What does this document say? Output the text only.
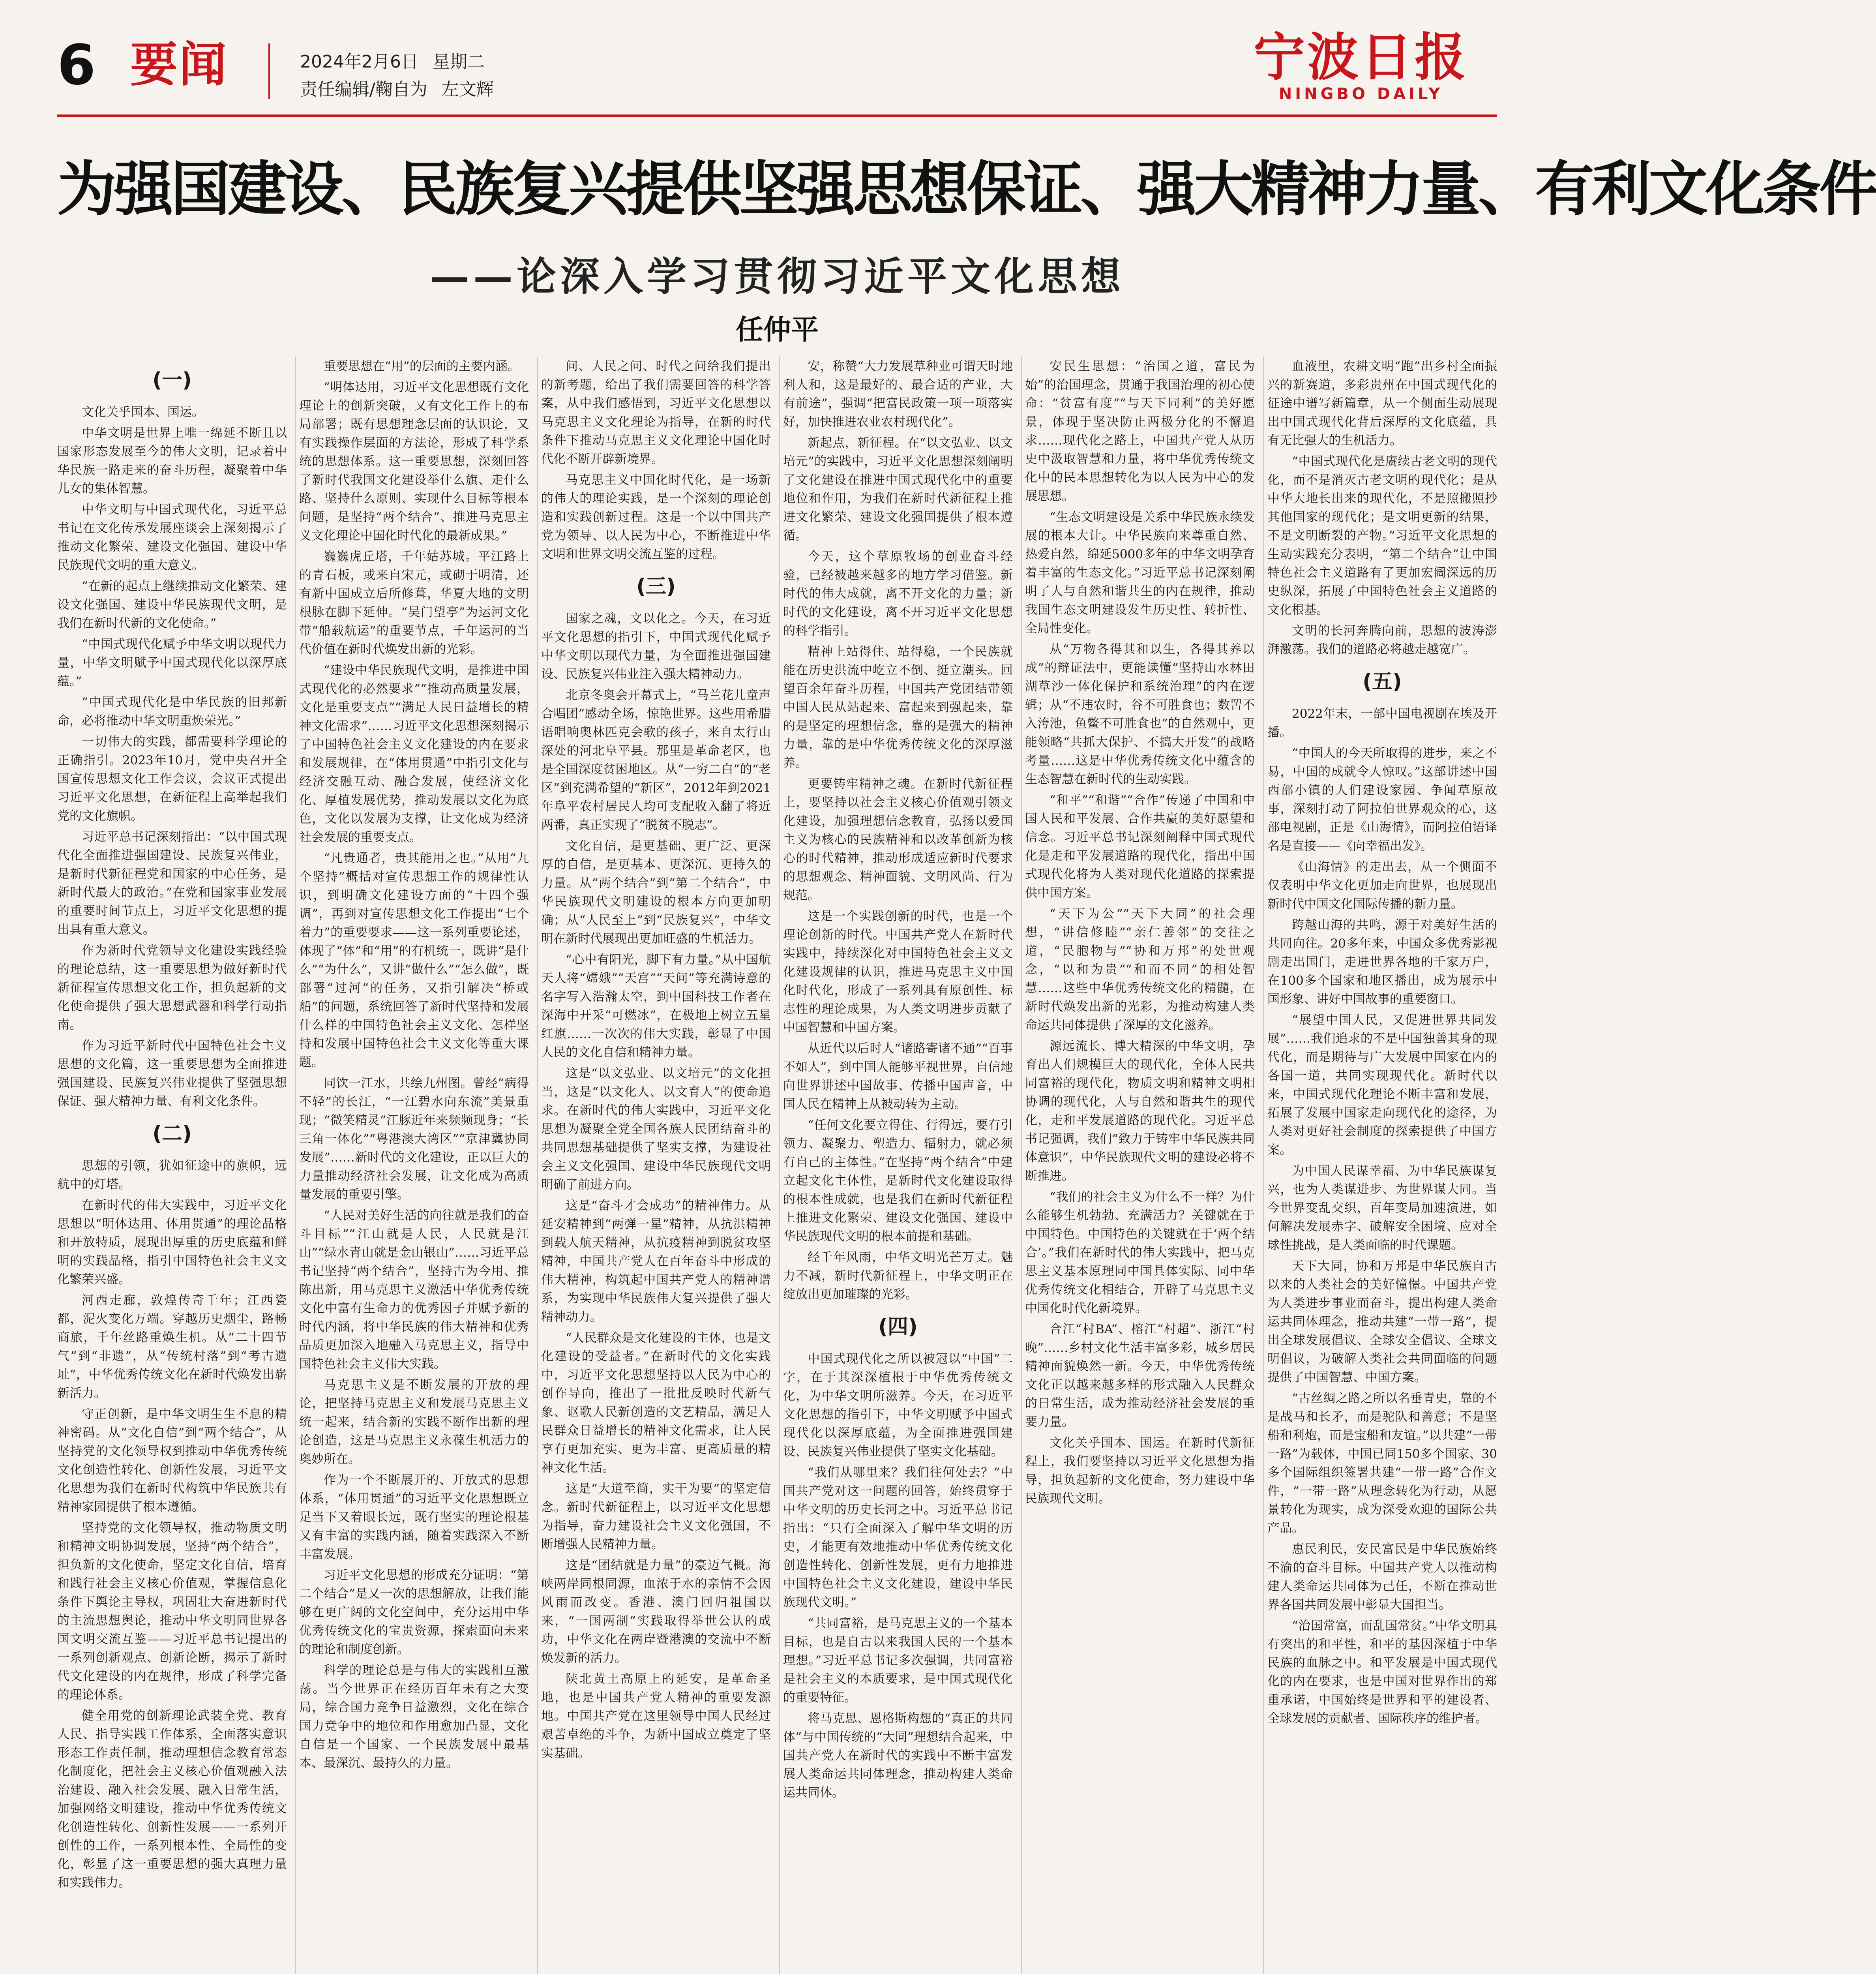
6 要闻	2024年2月6日 星期二
责任编辑/鞠自为 左文辉
宁波日报
NINGBO DAILY
为强国建设、民族复兴提供坚强思想保证、强大精神力量、有利文化条件
——论深入学习贯彻习近平文化思想
任仲平
(一)

文化关乎国本、国运。

中华文明是世界上唯一绵延不断且以国家形态发展至今的伟大文明，记录着中华民族一路走来的奋斗历程，凝聚着中华儿女的集体智慧。

中华文明与中国式现代化，习近平总书记在文化传承发展座谈会上深刻揭示了推动文化繁荣、建设文化强国、建设中华民族现代文明的重大意义。

“在新的起点上继续推动文化繁荣、建设文化强国、建设中华民族现代文明，是我们在新时代新的文化使命。”

“中国式现代化赋予中华文明以现代力量，中华文明赋予中国式现代化以深厚底蕴。”

“中国式现代化是中华民族的旧邦新命，必将推动中华文明重焕荣光。”

一切伟大的实践，都需要科学理论的正确指引。2023年10月，党中央召开全国宣传思想文化工作会议，会议正式提出习近平文化思想，在新征程上高举起我们党的文化旗帜。

习近平总书记深刻指出：“以中国式现代化全面推进强国建设、民族复兴伟业，是新时代新征程党和国家的中心任务，是新时代最大的政治。”在党和国家事业发展的重要时间节点上，习近平文化思想的提出具有重大意义。

作为新时代党领导文化建设实践经验的理论总结，这一重要思想为做好新时代新征程宣传思想文化工作，担负起新的文化使命提供了强大思想武器和科学行动指南。

作为习近平新时代中国特色社会主义思想的文化篇，这一重要思想为全面推进强国建设、民族复兴伟业提供了坚强思想保证、强大精神力量、有利文化条件。

(二)

思想的引领，犹如征途中的旗帜，远航中的灯塔。

在新时代的伟大实践中，习近平文化思想以“明体达用、体用贯通”的理论品格和开放特质，展现出厚重的历史底蕴和鲜明的实践品格，指引中国特色社会主义文化繁荣兴盛。

河西走廊，敦煌传奇千年；江西瓷都，泥火变化万端。穿越历史烟尘，路畅商旅，千年丝路重焕生机。从“二十四节气”到“非遗”，从“传统村落”到“考古遗址”，中华优秀传统文化在新时代焕发出崭新活力。

守正创新，是中华文明生生不息的精神密码。从“文化自信”到“两个结合”，从坚持党的文化领导权到推动中华优秀传统文化创造性转化、创新性发展，习近平文化思想为我们在新时代构筑中华民族共有精神家园提供了根本遵循。

坚持党的文化领导权，推动物质文明和精神文明协调发展，坚持“两个结合”，担负新的文化使命，坚定文化自信，培育和践行社会主义核心价值观，掌握信息化条件下舆论主导权，巩固壮大奋进新时代的主流思想舆论，推动中华文明同世界各国文明交流互鉴——习近平总书记提出的一系列创新观点、创新论断，揭示了新时代文化建设的内在规律，形成了科学完备的理论体系。

健全用党的创新理论武装全党、教育人民、指导实践工作体系，全面落实意识形态工作责任制，推动理想信念教育常态化制度化，把社会主义核心价值观融入法治建设、融入社会发展、融入日常生活，加强网络文明建设，推动中华优秀传统文化创造性转化、创新性发展——一系列开创性的工作，一系列根本性、全局性的变化，彰显了这一重要思想的强大真理力量和实践伟力。

重要思想在“用”的层面的主要内涵。

“明体达用，习近平文化思想既有文化理论上的创新突破，又有文化工作上的布局部署；既有思想理念层面的认识论，又有实践操作层面的方法论，形成了科学系统的思想体系。这一重要思想，深刻回答了新时代我国文化建设举什么旗、走什么路、坚持什么原则、实现什么目标等根本问题，是坚持“两个结合”、推进马克思主义文化理论中国化时代化的最新成果。”

巍巍虎丘塔，千年姑苏城。平江路上的青石板，或来自宋元，或砌于明清，还有新中国成立后所修葺，华夏大地的文明根脉在脚下延伸。“吴门望亭”为运河文化带“船载航运”的重要节点，千年运河的当代价值在新时代焕发出新的光彩。

“建设中华民族现代文明，是推进中国式现代化的必然要求”“推动高质量发展，文化是重要支点”“满足人民日益增长的精神文化需求”……习近平文化思想深刻揭示了中国特色社会主义文化建设的内在要求和发展规律，在“体用贯通”中指引文化与经济交融互动、融合发展，使经济文化化、厚植发展优势，推动发展以文化为底色，文化以发展为支撑，让文化成为经济社会发展的重要支点。

“凡贵通者，贵其能用之也。”从用“九个坚持”概括对宣传思想工作的规律性认识，到明确文化建设方面的“十四个强调”，再到对宣传思想文化工作提出“七个着力”的重要要求——这一系列重要论述，体现了“体”和“用”的有机统一，既讲“是什么”“为什么”，又讲“做什么”“怎么做”，既部署“过河”的任务，又指引解决“桥或船”的问题，系统回答了新时代坚持和发展什么样的中国特色社会主义文化、怎样坚持和发展中国特色社会主义文化等重大课题。

同饮一江水，共绘九州图。曾经“病得不轻”的长江，“一江碧水向东流”美景重现；“微笑精灵”江豚近年来频频现身；“长三角一体化”“粤港澳大湾区”“京津冀协同发展”……新时代的文化建设，正以巨大的力量推动经济社会发展，让文化成为高质量发展的重要引擎。

“人民对美好生活的向往就是我们的奋斗目标”“江山就是人民，人民就是江山”“绿水青山就是金山银山”……习近平总书记坚持“两个结合”，坚持古为今用、推陈出新，用马克思主义激活中华优秀传统文化中富有生命力的优秀因子并赋予新的时代内涵，将中华民族的伟大精神和优秀品质更加深入地融入马克思主义，指导中国特色社会主义伟大实践。

马克思主义是不断发展的开放的理论，把坚持马克思主义和发展马克思主义统一起来，结合新的实践不断作出新的理论创造，这是马克思主义永葆生机活力的奥妙所在。

作为一个不断展开的、开放式的思想体系，“体用贯通”的习近平文化思想既立足当下又着眼长远，既有坚实的理论根基又有丰富的实践内涵，随着实践深入不断丰富发展。

习近平文化思想的形成充分证明：“第二个结合”是又一次的思想解放，让我们能够在更广阔的文化空间中，充分运用中华优秀传统文化的宝贵资源，探索面向未来的理论和制度创新。

科学的理论总是与伟大的实践相互激荡。当今世界正在经历百年未有之大变局，综合国力竞争日益激烈，文化在综合国力竞争中的地位和作用愈加凸显，文化自信是一个国家、一个民族发展中最基本、最深沉、最持久的力量。

问、人民之问、时代之问给我们提出的新考题，给出了我们需要回答的科学答案，从中我们感悟到，习近平文化思想以马克思主义文化理论为指导，在新的时代条件下推动马克思主义文化理论中国化时代化不断开辟新境界。

马克思主义中国化时代化，是一场新的伟大的理论实践，是一个深刻的理论创造和实践创新过程。这是一个以中国共产党为领导、以人民为中心，不断推进中华文明和世界文明交流互鉴的过程。

(三)

国家之魂，文以化之。今天，在习近平文化思想的指引下，中国式现代化赋予中华文明以现代力量，为全面推进强国建设、民族复兴伟业注入强大精神动力。

北京冬奥会开幕式上，“马兰花儿童声合唱团”感动全场，惊艳世界。这些用希腊语唱响奥林匹克会歌的孩子，来自太行山深处的河北阜平县。那里是革命老区，也是全国深度贫困地区。从“一穷二白”的“老区”到充满希望的“新区”，2012年到2021年阜平农村居民人均可支配收入翻了将近两番，真正实现了“脱贫不脱志”。

文化自信，是更基础、更广泛、更深厚的自信，是更基本、更深沉、更持久的力量。从“两个结合”到“第二个结合”，中华民族现代文明建设的根本方向更加明确；从“人民至上”到“民族复兴”，中华文明在新时代展现出更加旺盛的生机活力。

“心中有阳光，脚下有力量。”从中国航天人将“嫦娥”“天宫”“天问”等充满诗意的名字写入浩瀚太空，到中国科技工作者在深海中开采“可燃冰”，在极地上树立五星红旗……一次次的伟大实践，彰显了中国人民的文化自信和精神力量。

这是“以文弘业、以文培元”的文化担当，这是“以文化人、以文育人”的使命追求。在新时代的伟大实践中，习近平文化思想为凝聚全党全国各族人民团结奋斗的共同思想基础提供了坚实支撑，为建设社会主义文化强国、建设中华民族现代文明明确了前进方向。

这是“奋斗才会成功”的精神伟力。从延安精神到“两弹一星”精神，从抗洪精神到载人航天精神，从抗疫精神到脱贫攻坚精神，中国共产党人在百年奋斗中形成的伟大精神，构筑起中国共产党人的精神谱系，为实现中华民族伟大复兴提供了强大精神动力。

“人民群众是文化建设的主体，也是文化建设的受益者。”在新时代的文化实践中，习近平文化思想坚持以人民为中心的创作导向，推出了一批批反映时代新气象、讴歌人民新创造的文艺精品，满足人民群众日益增长的精神文化需求，让人民享有更加充实、更为丰富、更高质量的精神文化生活。

这是“大道至简，实干为要”的坚定信念。新时代新征程上，以习近平文化思想为指导，奋力建设社会主义文化强国，不断增强人民精神力量。

这是“团结就是力量”的豪迈气概。海峡两岸同根同源，血浓于水的亲情不会因风雨而改变。香港、澳门回归祖国以来，“一国两制”实践取得举世公认的成功，中华文化在两岸暨港澳的交流中不断焕发新的活力。

陕北黄土高原上的延安，是革命圣地，也是中国共产党人精神的重要发源地。中国共产党在这里领导中国人民经过艰苦卓绝的斗争，为新中国成立奠定了坚实基础。

安，称赞“大力发展草种业可谓天时地利人和，这是最好的、最合适的产业，大有前途”，强调“把富民政策一项一项落实好，加快推进农业农村现代化”。

新起点，新征程。在“以文弘业、以文培元”的实践中，习近平文化思想深刻阐明了文化建设在推进中国式现代化中的重要地位和作用，为我们在新时代新征程上推进文化繁荣、建设文化强国提供了根本遵循。

今天，这个草原牧场的创业奋斗经验，已经被越来越多的地方学习借鉴。新时代的伟大成就，离不开文化的力量；新时代的文化建设，离不开习近平文化思想的科学指引。

精神上站得住、站得稳，一个民族就能在历史洪流中屹立不倒、挺立潮头。回望百余年奋斗历程，中国共产党团结带领中国人民从站起来、富起来到强起来，靠的是坚定的理想信念，靠的是强大的精神力量，靠的是中华优秀传统文化的深厚滋养。

更要铸牢精神之魂。在新时代新征程上，要坚持以社会主义核心价值观引领文化建设，加强理想信念教育，弘扬以爱国主义为核心的民族精神和以改革创新为核心的时代精神，推动形成适应新时代要求的思想观念、精神面貌、文明风尚、行为规范。

这是一个实践创新的时代，也是一个理论创新的时代。中国共产党人在新时代实践中，持续深化对中国特色社会主义文化建设规律的认识，推进马克思主义中国化时代化，形成了一系列具有原创性、标志性的理论成果，为人类文明进步贡献了中国智慧和中国方案。

从近代以后时人“诸路寄诸不通”“百事不如人”，到中国人能够平视世界，自信地向世界讲述中国故事、传播中国声音，中国人民在精神上从被动转为主动。

“任何文化要立得住、行得远，要有引领力、凝聚力、塑造力、辐射力，就必须有自己的主体性。”在坚持“两个结合”中建立起文化主体性，是新时代文化建设取得的根本性成就，也是我们在新时代新征程上推进文化繁荣、建设文化强国、建设中华民族现代文明的根本前提和基础。

经千年风雨，中华文明光芒万丈。魅力不减，新时代新征程上，中华文明正在绽放出更加璀璨的光彩。

(四)

中国式现代化之所以被冠以“中国”二字，在于其深深植根于中华优秀传统文化，为中华文明所滋养。今天，在习近平文化思想的指引下，中华文明赋予中国式现代化以深厚底蕴，为全面推进强国建设、民族复兴伟业提供了坚实文化基础。

“我们从哪里来？我们往何处去？”中国共产党对这一问题的回答，始终贯穿于中华文明的历史长河之中。习近平总书记指出：“只有全面深入了解中华文明的历史，才能更有效地推动中华优秀传统文化创造性转化、创新性发展，更有力地推进中国特色社会主义文化建设，建设中华民族现代文明。”

“共同富裕，是马克思主义的一个基本目标，也是自古以来我国人民的一个基本理想。”习近平总书记多次强调，共同富裕是社会主义的本质要求，是中国式现代化的重要特征。

将马克思、恩格斯构想的“真正的共同体”与中国传统的“大同”理想结合起来，中国共产党人在新时代的实践中不断丰富发展人类命运共同体理念，推动构建人类命运共同体。

安民生思想：“治国之道，富民为始”的治国理念，贯通于我国治理的初心使命：“贫富有度”“与天下同利”的美好愿景，体现于坚决防止两极分化的不懈追求……现代化之路上，中国共产党人从历史中汲取智慧和力量，将中华优秀传统文化中的民本思想转化为以人民为中心的发展思想。

“生态文明建设是关系中华民族永续发展的根本大计。中华民族向来尊重自然、热爱自然，绵延5000多年的中华文明孕育着丰富的生态文化。”习近平总书记深刻阐明了人与自然和谐共生的内在规律，推动我国生态文明建设发生历史性、转折性、全局性变化。

从“万物各得其和以生，各得其养以成”的辩证法中，更能读懂“坚持山水林田湖草沙一体化保护和系统治理”的内在逻辑；从“不违农时，谷不可胜食也；数罟不入洿池，鱼鳖不可胜食也”的自然观中，更能领略“共抓大保护、不搞大开发”的战略考量……这是中华优秀传统文化中蕴含的生态智慧在新时代的生动实践。

“和平”“和谐”“合作”传递了中国和中国人民和平发展、合作共赢的美好愿望和信念。习近平总书记深刻阐释中国式现代化是走和平发展道路的现代化，指出中国式现代化将为人类对现代化道路的探索提供中国方案。

“天下为公”“天下大同”的社会理想，“讲信修睦”“亲仁善邻”的交往之道，“民胞物与”“协和万邦”的处世观念，“以和为贵”“和而不同”的相处智慧……这些中华优秀传统文化的精髓，在新时代焕发出新的光彩，为推动构建人类命运共同体提供了深厚的文化滋养。

源远流长、博大精深的中华文明，孕育出人们规模巨大的现代化，全体人民共同富裕的现代化，物质文明和精神文明相协调的现代化，人与自然和谐共生的现代化，走和平发展道路的现代化。习近平总书记强调，我们“致力于铸牢中华民族共同体意识”，中华民族现代文明的建设必将不断推进。

“我们的社会主义为什么不一样？为什么能够生机勃勃、充满活力？关键就在于中国特色。中国特色的关键就在于‘两个结合’。”我们在新时代的伟大实践中，把马克思主义基本原理同中国具体实际、同中华优秀传统文化相结合，开辟了马克思主义中国化时代化新境界。

合江“村BA”、榕江“村超”、浙江“村晚”……乡村文化生活丰富多彩，城乡居民精神面貌焕然一新。今天，中华优秀传统文化正以越来越多样的形式融入人民群众的日常生活，成为推动经济社会发展的重要力量。

文化关乎国本、国运。在新时代新征程上，我们要坚持以习近平文化思想为指导，担负起新的文化使命，努力建设中华民族现代文明。

血液里，农耕文明“跑”出乡村全面振兴的新赛道，多彩贵州在中国式现代化的征途中谱写新篇章，从一个侧面生动展现出中国式现代化背后深厚的文化底蕴，具有无比强大的生机活力。

“中国式现代化是赓续古老文明的现代化，而不是消灭古老文明的现代化；是从中华大地长出来的现代化，不是照搬照抄其他国家的现代化；是文明更新的结果，不是文明断裂的产物。”习近平文化思想的生动实践充分表明，“第二个结合”让中国特色社会主义道路有了更加宏阔深远的历史纵深，拓展了中国特色社会主义道路的文化根基。

文明的长河奔腾向前，思想的波涛澎湃激荡。我们的道路必将越走越宽广。

(五)

2022年末，一部中国电视剧在埃及开播。

“中国人的今天所取得的进步，来之不易，中国的成就令人惊叹。”这部讲述中国西部小镇的人们建设家园、争闻草原故事，深刻打动了阿拉伯世界观众的心，这部电视剧，正是《山海情》，而阿拉伯语译名是直接——《向幸福出发》。

《山海情》的走出去，从一个侧面不仅表明中华文化更加走向世界，也展现出新时代中国文化国际传播的新力量。

跨越山海的共鸣，源于对美好生活的共同向往。20多年来，中国众多优秀影视剧走出国门，走进世界各地的千家万户，在100多个国家和地区播出，成为展示中国形象、讲好中国故事的重要窗口。

“展望中国人民，又促进世界共同发展”……我们追求的不是中国独善其身的现代化，而是期待与广大发展中国家在内的各国一道，共同实现现代化。新时代以来，中国式现代化理论不断丰富和发展，拓展了发展中国家走向现代化的途径，为人类对更好社会制度的探索提供了中国方案。

为中国人民谋幸福、为中华民族谋复兴，也为人类谋进步、为世界谋大同。当今世界变乱交织，百年变局加速演进，如何解决发展赤字、破解安全困境、应对全球性挑战，是人类面临的时代课题。

天下大同，协和万邦是中华民族自古以来的人类社会的美好憧憬。中国共产党为人类进步事业而奋斗，提出构建人类命运共同体理念，推动共建“一带一路”，提出全球发展倡议、全球安全倡议、全球文明倡议，为破解人类社会共同面临的问题提供了中国智慧、中国方案。

“古丝绸之路之所以名垂青史，靠的不是战马和长矛，而是驼队和善意；不是坚船和利炮，而是宝船和友谊。”以共建“一带一路”为载体，中国已同150多个国家、30多个国际组织签署共建“一带一路”合作文件，“一带一路”从理念转化为行动，从愿景转化为现实，成为深受欢迎的国际公共产品。

惠民利民，安民富民是中华民族始终不渝的奋斗目标。中国共产党人以推动构建人类命运共同体为己任，不断在推动世界各国共同发展中彰显大国担当。

“治国常富，而乱国常贫。”中华文明具有突出的和平性，和平的基因深植于中华民族的血脉之中。和平发展是中国式现代化的内在要求，也是中国对世界作出的郑重承诺，中国始终是世界和平的建设者、全球发展的贡献者、国际秩序的维护者。
